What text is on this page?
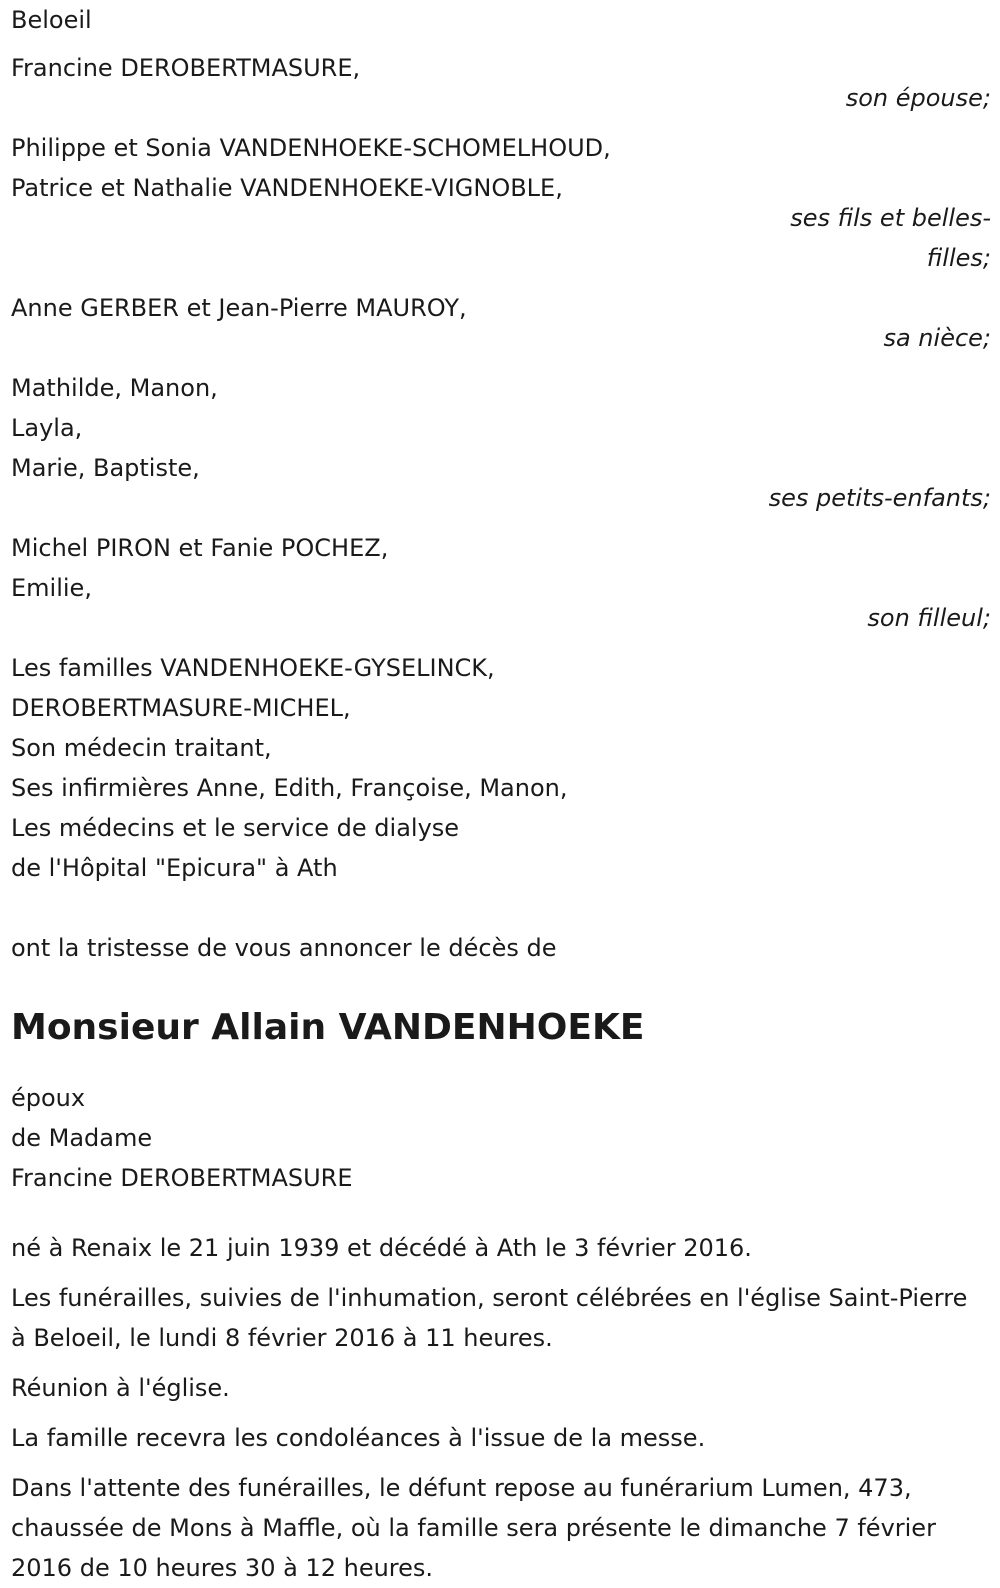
Beloeil
Francine DEROBERTMASURE,
son épouse;
Philippe et Sonia VANDENHOEKE-SCHOMELHOUD,
Patrice et Nathalie VANDENHOEKE-VIGNOBLE,
ses fils et belles-filles;
Anne GERBER et Jean-Pierre MAUROY,
sa nièce;
Mathilde, Manon,
Layla,
Marie, Baptiste,
ses petits-enfants;
Michel PIRON et Fanie POCHEZ,
Emilie,
son filleul;
Les familles VANDENHOEKE-GYSELINCK,
DEROBERTMASURE-MICHEL,
Son médecin traitant,
Ses infirmières Anne, Edith, Françoise, Manon,
Les médecins et le service de dialyse
de l'Hôpital "Epicura" à Ath
ont la tristesse de vous annoncer le décès de
Monsieur Allain VANDENHOEKE
époux
de Madame
Francine DEROBERTMASURE
né à Renaix le 21 juin 1939 et décédé à Ath le 3 février 2016.
Les funérailles, suivies de l'inhumation, seront célébrées en l'église Saint-Pierre à Beloeil, le lundi 8 février 2016 à 11 heures.
Réunion à l'église.
La famille recevra les condoléances à l'issue de la messe.
Dans l'attente des funérailles, le défunt repose au funérarium Lumen, 473, chaussée de Mons à Maffle, où la famille sera présente le dimanche 7 février 2016 de 10 heures 30 à 12 heures.
